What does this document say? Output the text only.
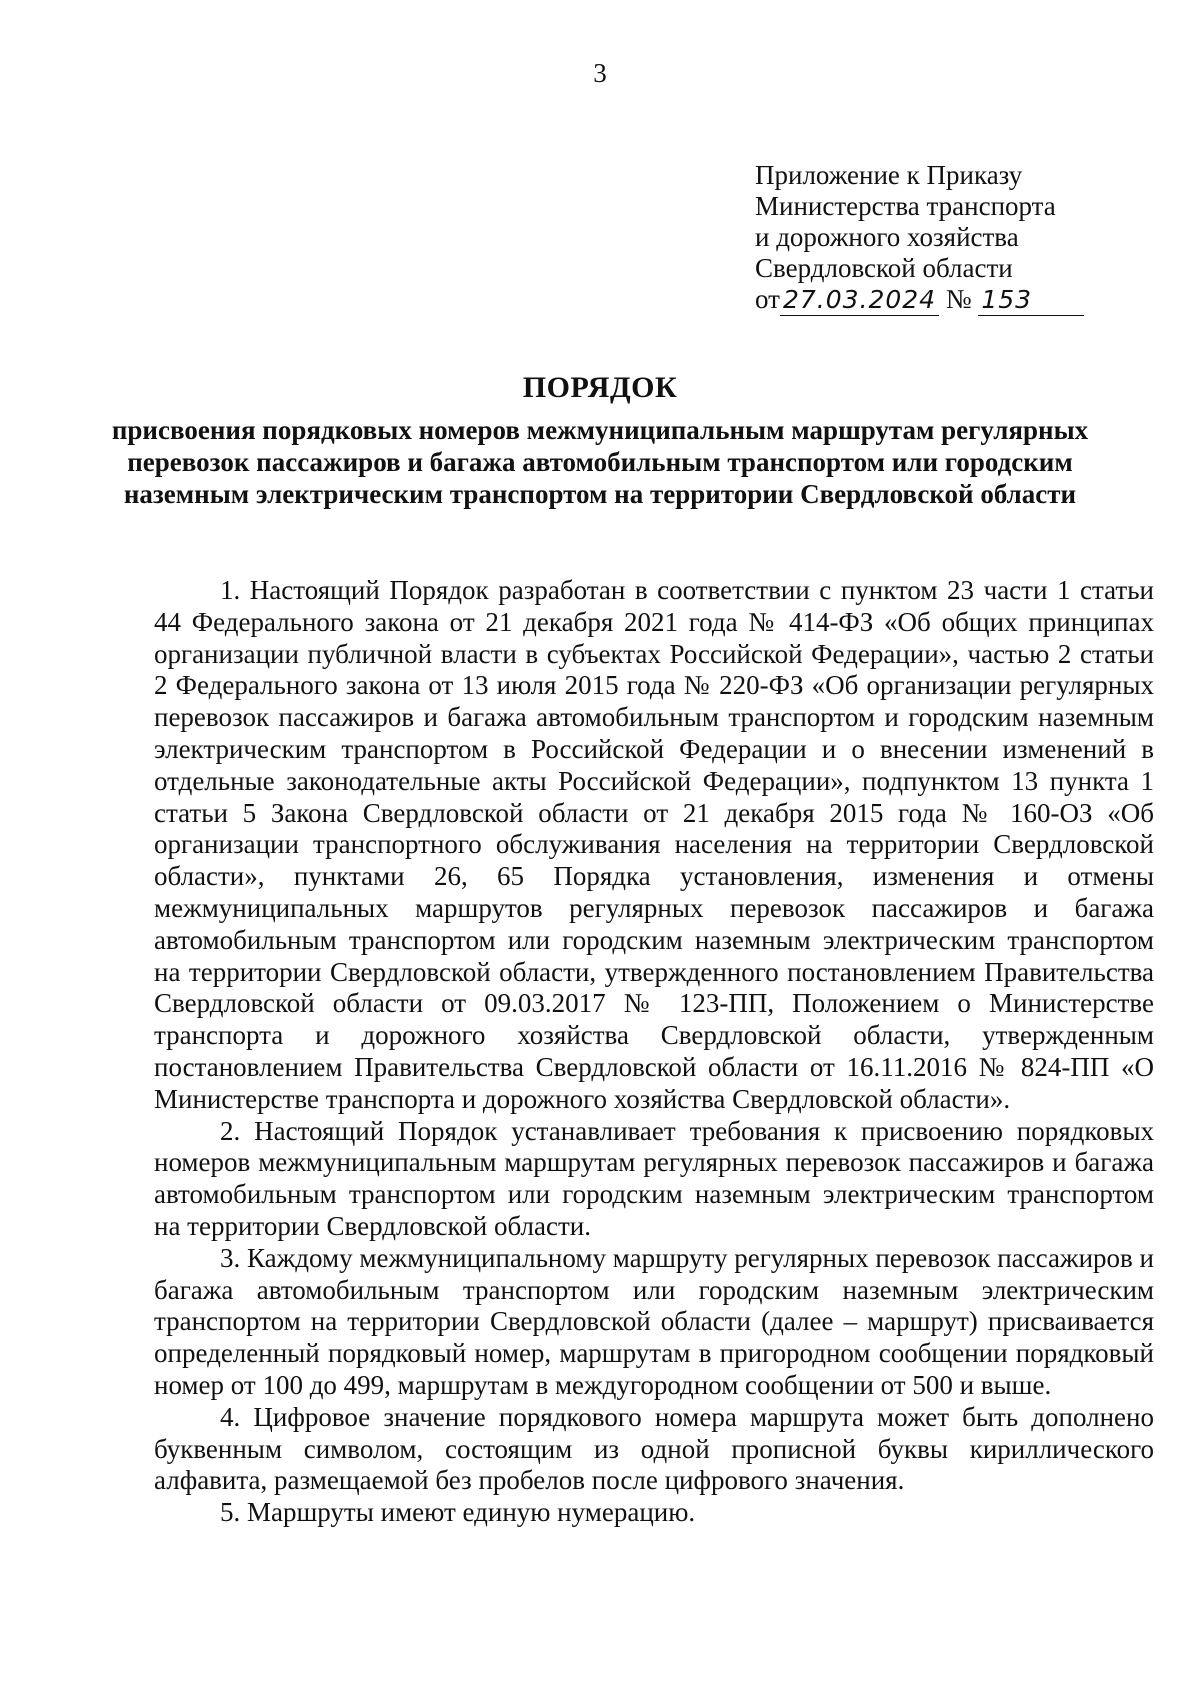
3
Приложение к Приказу
Министерства транспорта
и дорожного хозяйства
Свердловской области
от 27.03.2024 № 153
ПОРЯДОК
присвоения порядковых номеров межмуниципальным маршрутам регулярных перевозок пассажиров и багажа автомобильным транспортом или городским наземным электрическим транспортом на территории Свердловской области

1. Настоящий Порядок разработан в соответствии с пунктом 23 части 1 статьи 44 Федерального закона от 21 декабря 2021 года № 414-ФЗ «Об общих принципах организации публичной власти в субъектах Российской Федерации», частью 2 статьи 2 Федерального закона от 13 июля 2015 года № 220-ФЗ «Об организации регулярных перевозок пассажиров и багажа автомобильным транспортом и городским наземным электрическим транспортом в Российской Федерации и о внесении изменений в отдельные законодательные акты Российской Федерации», подпунктом 13 пункта 1 статьи 5 Закона Свердловской области от 21 декабря 2015 года № 160-ОЗ «Об организации транспортного обслуживания населения на территории Свердловской области», пунктами 26, 65 Порядка установления, изменения и отмены межмуниципальных маршрутов регулярных перевозок пассажиров и багажа автомобильным транспортом или городским наземным электрическим транспортом на территории Свердловской области, утвержденного постановлением Правительства Свердловской области от 09.03.2017 № 123-ПП, Положением о Министерстве транспорта и дорожного хозяйства Свердловской области, утвержденным постановлением Правительства Свердловской области от 16.11.2016 № 824-ПП «О Министерстве транспорта и дорожного хозяйства Свердловской области».

2. Настоящий Порядок устанавливает требования к присвоению порядковых номеров межмуниципальным маршрутам регулярных перевозок пассажиров и багажа автомобильным транспортом или городским наземным электрическим транспортом на территории Свердловской области.

3. Каждому межмуниципальному маршруту регулярных перевозок пассажиров и багажа автомобильным транспортом или городским наземным электрическим транспортом на территории Свердловской области (далее – маршрут) присваивается определенный порядковый номер, маршрутам в пригородном сообщении порядковый номер от 100 до 499, маршрутам в междугородном сообщении от 500 и выше.

4. Цифровое значение порядкового номера маршрута может быть дополнено буквенным символом, состоящим из одной прописной буквы кириллического алфавита, размещаемой без пробелов после цифрового значения.

5. Маршруты имеют единую нумерацию.
